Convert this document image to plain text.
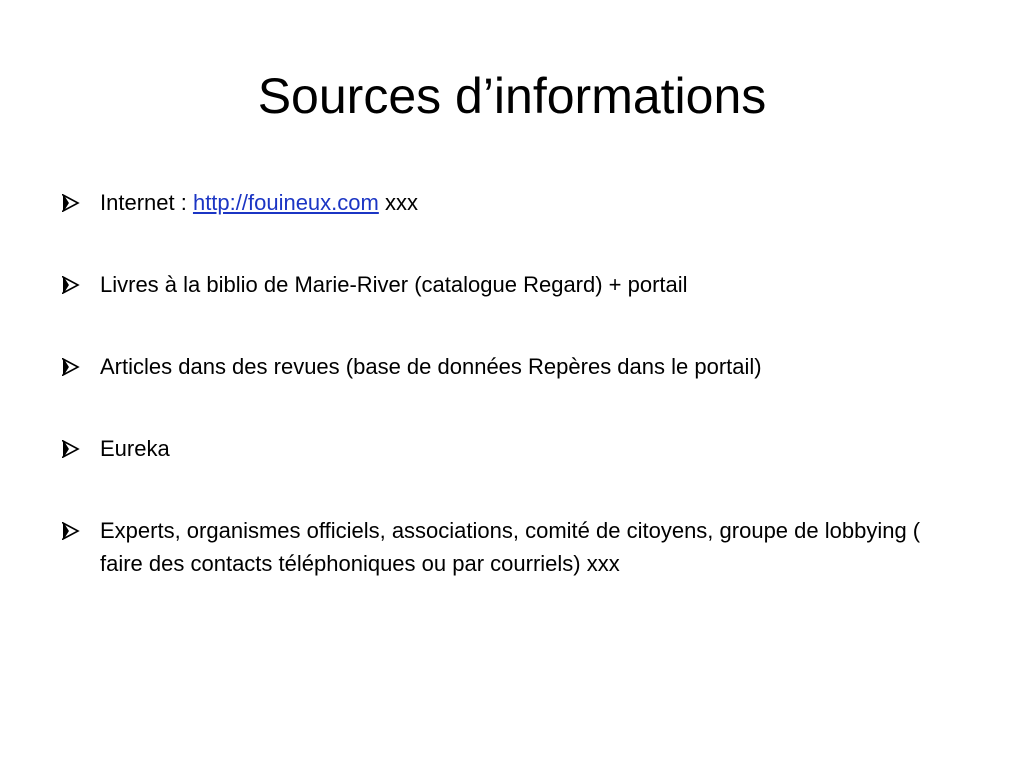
Sources d’informations
Internet : http://fouineux.com xxx
Livres à la biblio de Marie-River (catalogue Regard) + portail
Articles dans des revues (base de données Repères dans le portail)
Eureka
Experts, organismes officiels, associations, comité de citoyens, groupe de lobbying ( faire des contacts téléphoniques ou par courriels) xxx
